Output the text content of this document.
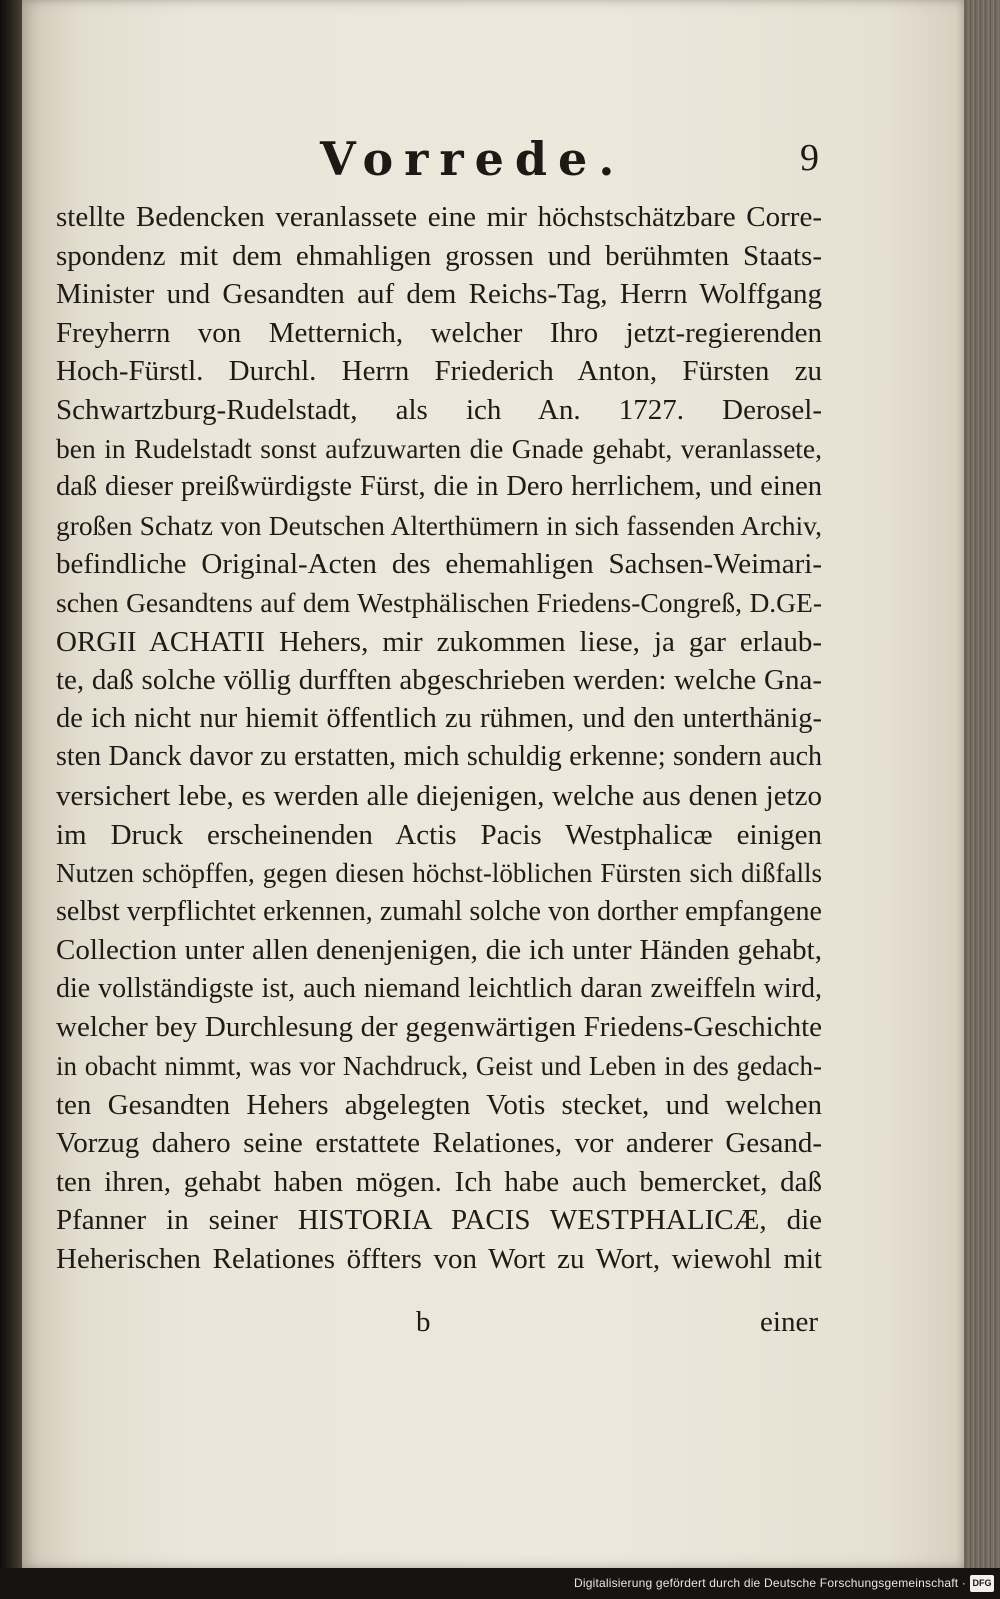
Vorrede.	9
stellte Bedencken veranlassete eine mir höchstschätzbare Corre-
spondenz mit dem ehmahligen grossen und berühmten Staats-
Minister und Gesandten auf dem Reichs-Tag, Herrn Wolffgang
Freyherrn von Metternich, welcher Ihro jetzt-regierenden
Hoch-Fürstl. Durchl. Herrn Friederich Anton, Fürsten zu
Schwartzburg-Rudelstadt, als ich An. 1727. Derosel-
ben in Rudelstadt sonst aufzuwarten die Gnade gehabt, veranlassete,
daß dieser preißwürdigste Fürst, die in Dero herrlichem, und einen
großen Schatz von Deutschen Alterthümern in sich fassenden Archiv,
befindliche Original-Acten des ehemahligen Sachsen-Weimari-
schen Gesandtens auf dem Westphälischen Friedens-Congreß, D.GE-
ORGII ACHATII Hehers, mir zukommen liese, ja gar erlaub-
te, daß solche völlig durfften abgeschrieben werden: welche Gna-
de ich nicht nur hiemit öffentlich zu rühmen, und den unterthänig-
sten Danck davor zu erstatten, mich schuldig erkenne; sondern auch
versichert lebe, es werden alle diejenigen, welche aus denen jetzo
im Druck erscheinenden Actis Pacis Westphalicæ einigen
Nutzen schöpffen, gegen diesen höchst-löblichen Fürsten sich dißfalls
selbst verpflichtet erkennen, zumahl solche von dorther empfangene
Collection unter allen denenjenigen, die ich unter Händen gehabt,
die vollständigste ist, auch niemand leichtlich daran zweiffeln wird,
welcher bey Durchlesung der gegenwärtigen Friedens-Geschichte
in obacht nimmt, was vor Nachdruck, Geist und Leben in des gedach-
ten Gesandten Hehers abgelegten Votis stecket, und welchen
Vorzug dahero seine erstattete Relationes, vor anderer Gesand-
ten ihren, gehabt haben mögen. Ich habe auch bemercket, daß
Pfanner in seiner HISTORIA PACIS WESTPHALICÆ, die
Heherischen Relationes öffters von Wort zu Wort, wiewohl mit
b	einer
Digitalisierung gefördert durch die Deutsche Forschungsgemeinschaft · DFG
